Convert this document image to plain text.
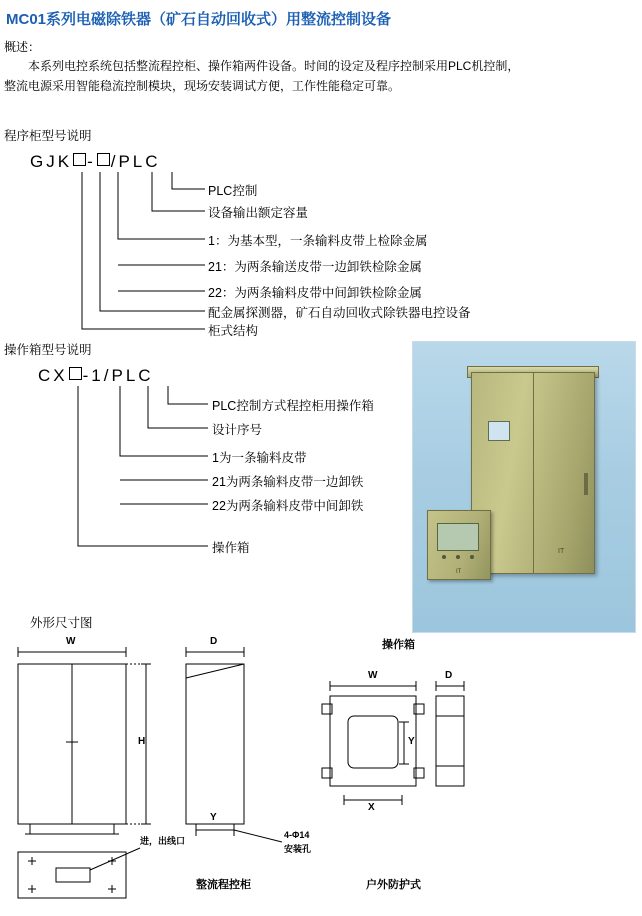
MC01系列电磁除铁器（矿石自动回收式）用整流控制设备
概述：

本系列电控系统包括整流程控柜、操作箱两件设备。时间的设定及程序控制采用PLC机控制，

整流电源采用智能稳流控制模块，现场安装调试方便，工作性能稳定可靠。

程序柜型号说明
GJK - /PLC
PLC控制
设备输出额定容量
1：为基本型，一条输料皮带上检除金属
21：为两条输送皮带一边卸铁检除金属
22：为两条输料皮带中间卸铁检除金属
配金属探测器，矿石自动回收式除铁器电控设备
柜式结构
操作箱型号说明
CX -1/PLC
PLC控制方式程控柜用操作箱
设计序号
1为一条输料皮带
21为两条输料皮带一边卸铁
22为两条输料皮带中间卸铁
操作箱	IT
IT
外形尺寸图
W
H
D
Y
4-Φ14
安装孔
进，出线口
操作箱
W	D
X
Y
整流程控柜	户外防护式
